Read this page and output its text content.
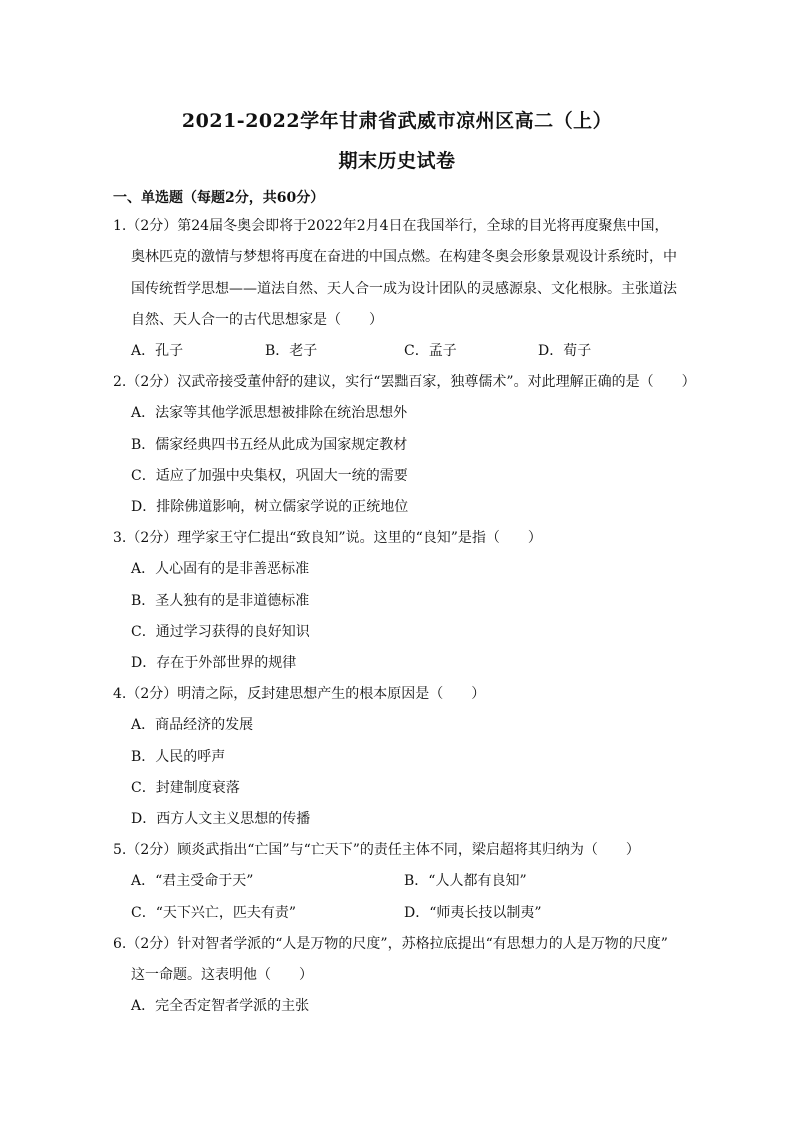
2021-2022学年甘肃省武威市凉州区高二（上）
期末历史试卷
一、单选题（每题2分，共60分）
1.（2分）第24届冬奥会即将于2022年2月4日在我国举行，全球的目光将再度聚焦中国，
奥林匹克的激情与梦想将再度在奋进的中国点燃。在构建冬奥会形象景观设计系统时，中
国传统哲学思想——道法自然、天人合一成为设计团队的灵感源泉、文化根脉。主张道法
自然、天人合一的古代思想家是（　　）
A．孔子	B．老子	C．孟子	D．荀子
2.（2分）汉武帝接受董仲舒的建议，实行“罢黜百家，独尊儒术”。对此理解正确的是（　　）
A．法家等其他学派思想被排除在统治思想外
B．儒家经典四书五经从此成为国家规定教材
C．适应了加强中央集权，巩固大一统的需要
D．排除佛道影响，树立儒家学说的正统地位
3.（2分）理学家王守仁提出“致良知”说。这里的“良知”是指（　　）
A．人心固有的是非善恶标准
B．圣人独有的是非道德标准
C．通过学习获得的良好知识
D．存在于外部世界的规律
4.（2分）明清之际，反封建思想产生的根本原因是（　　）
A．商品经济的发展
B．人民的呼声
C．封建制度衰落
D．西方人文主义思想的传播
5.（2分）顾炎武指出“亡国”与“亡天下”的责任主体不同，梁启超将其归纳为（　　）
A．“君主受命于天”	B．“人人都有良知”
C．“天下兴亡，匹夫有责”	D．“师夷长技以制夷”
6.（2分）针对智者学派的“人是万物的尺度”，苏格拉底提出“有思想力的人是万物的尺度”
这一命题。这表明他（　　）
A．完全否定智者学派的主张
